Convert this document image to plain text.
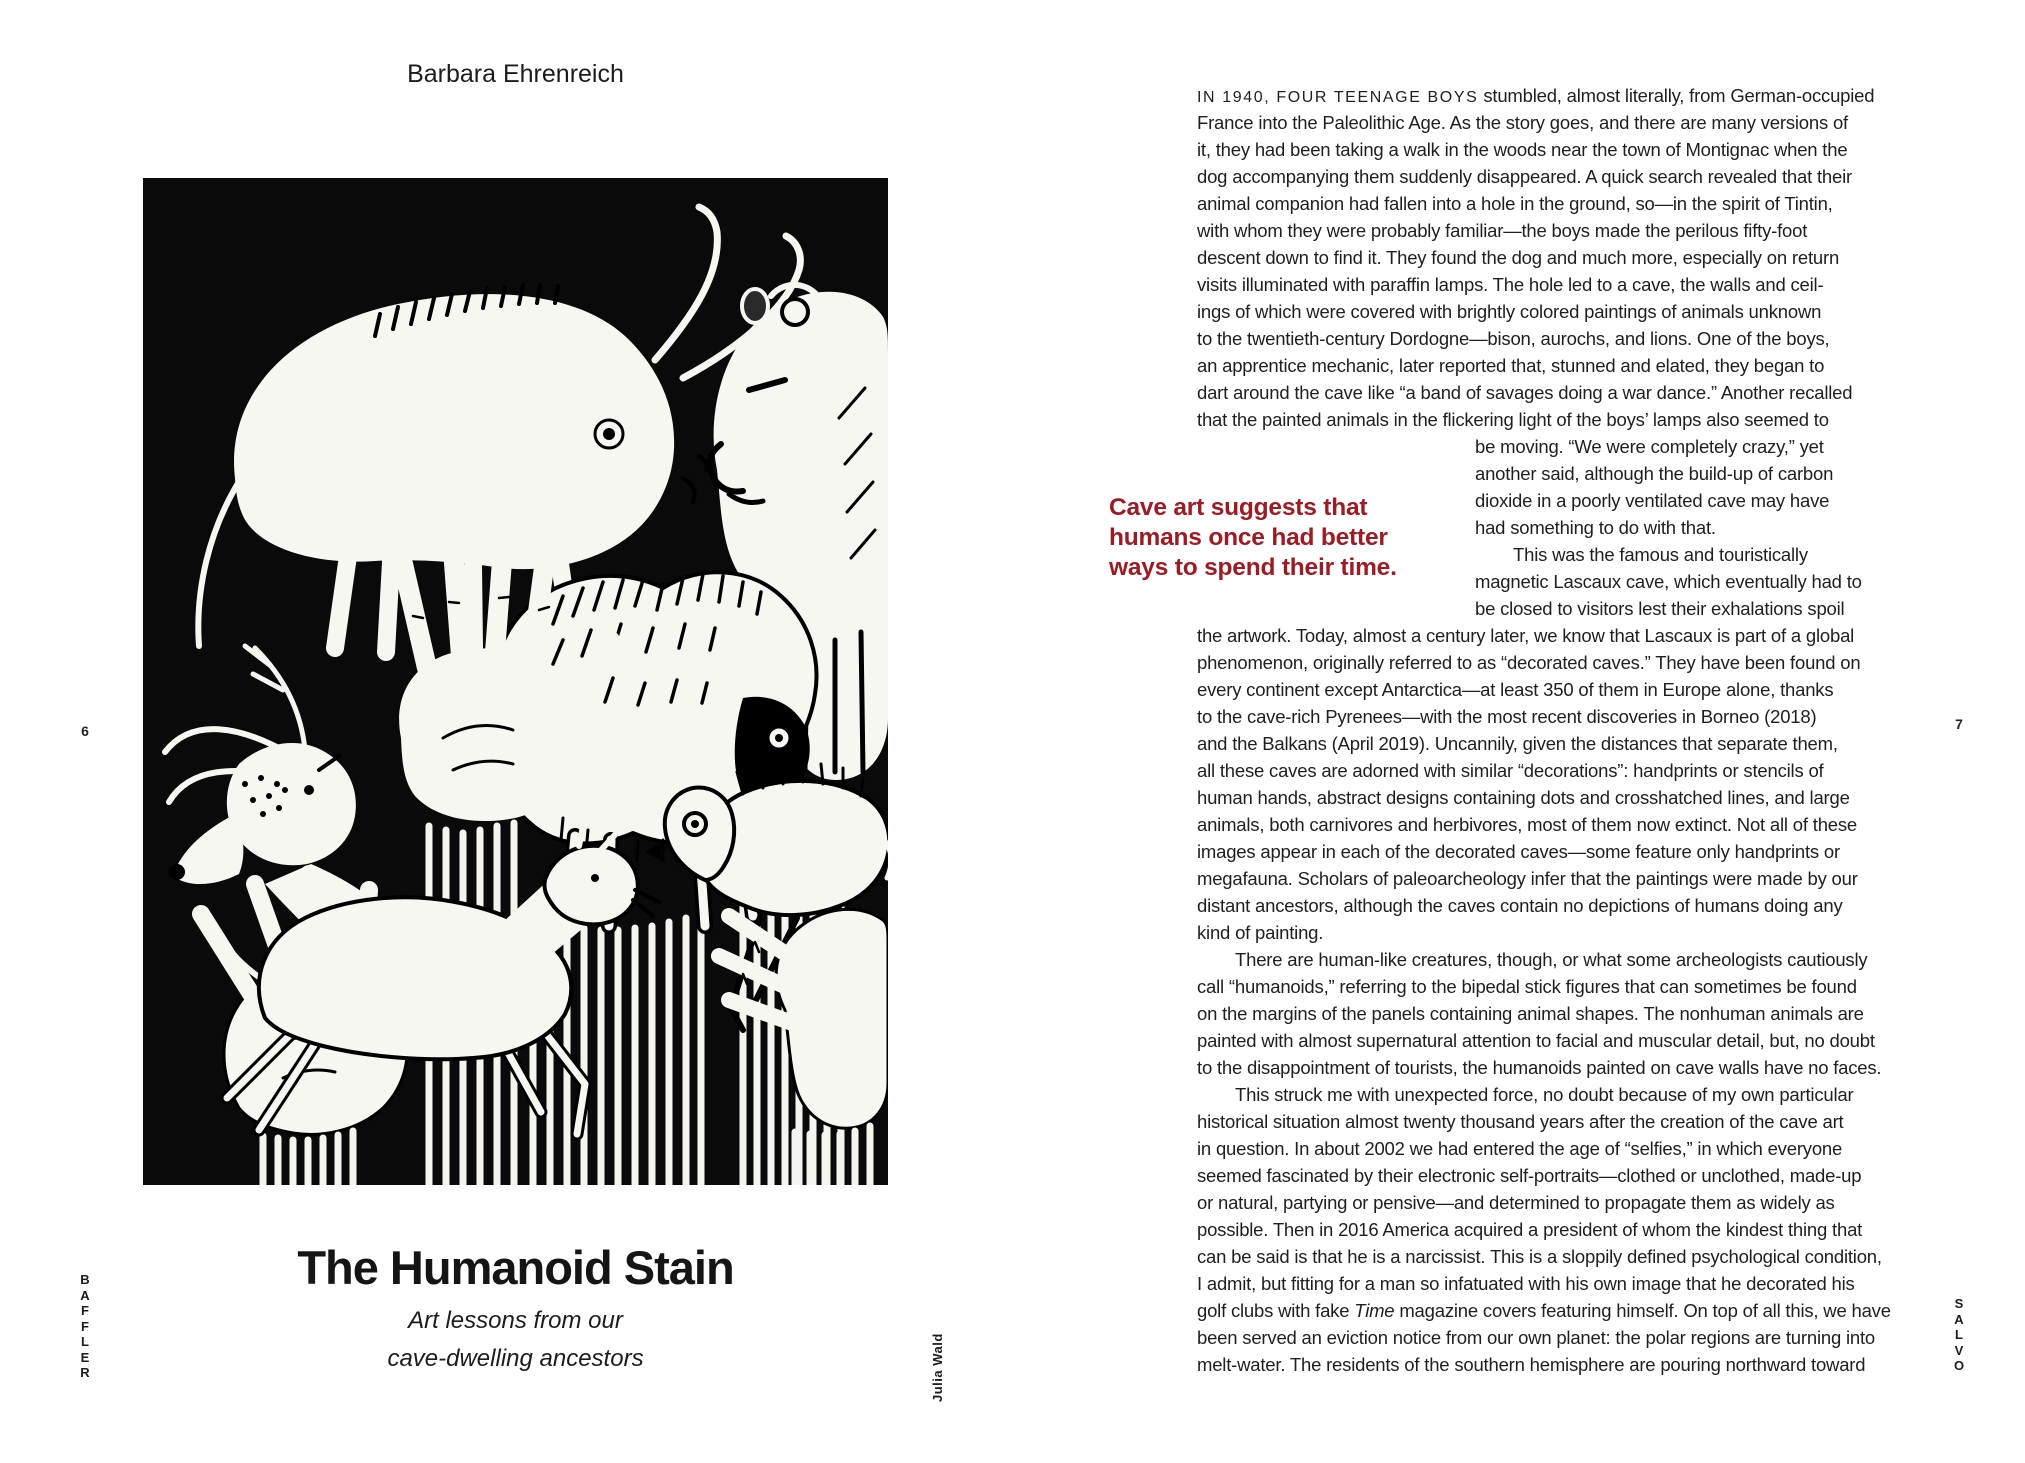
Barbara Ehrenreich
The Humanoid Stain
Art lessons from our
cave-dwelling ancestors
6
B
A
F
F
L
E
R	Julia Wald
Cave art suggests that
humans once had better
ways to spend their time.
IN 1940, FOUR TEENAGE BOYS stumbled, almost literally, from German-occupied
France into the Paleolithic Age. As the story goes, and there are many versions of
it, they had been taking a walk in the woods near the town of Montignac when the
dog accompanying them suddenly disappeared. A quick search revealed that their
animal companion had fallen into a hole in the ground, so—in the spirit of Tintin,
with whom they were probably familiar—the boys made the perilous fifty-foot
descent down to find it. They found the dog and much more, especially on return
visits illuminated with paraffin lamps. The hole led to a cave, the walls and ceil-
ings of which were covered with brightly colored paintings of animals unknown
to the twentieth-century Dordogne—bison, aurochs, and lions. One of the boys,
an apprentice mechanic, later reported that, stunned and elated, they began to
dart around the cave like “a band of savages doing a war dance.” Another recalled
that the painted animals in the flickering light of the boys’ lamps also seemed to
be moving. “We were completely crazy,” yet
another said, although the build-up of carbon
dioxide in a poorly ventilated cave may have
had something to do with that.
This was the famous and touristically
magnetic Lascaux cave, which eventually had to
be closed to visitors lest their exhalations spoil
the artwork. Today, almost a century later, we know that Lascaux is part of a global
phenomenon, originally referred to as “decorated caves.” They have been found on
every continent except Antarctica—at least 350 of them in Europe alone, thanks
to the cave-rich Pyrenees—with the most recent discoveries in Borneo (2018)
and the Balkans (April 2019). Uncannily, given the distances that separate them,
all these caves are adorned with similar “decorations”: handprints or stencils of
human hands, abstract designs containing dots and crosshatched lines, and large
animals, both carnivores and herbivores, most of them now extinct. Not all of these
images appear in each of the decorated caves—some feature only handprints or
megafauna. Scholars of paleoarcheology infer that the paintings were made by our
distant ancestors, although the caves contain no depictions of humans doing any
kind of painting.
There are human-like creatures, though, or what some archeologists cautiously
call “humanoids,” referring to the bipedal stick figures that can sometimes be found
on the margins of the panels containing animal shapes. The nonhuman animals are
painted with almost supernatural attention to facial and muscular detail, but, no doubt
to the disappointment of tourists, the humanoids painted on cave walls have no faces.
This struck me with unexpected force, no doubt because of my own particular
historical situation almost twenty thousand years after the creation of the cave art
in question. In about 2002 we had entered the age of “selfies,” in which everyone
seemed fascinated by their electronic self-portraits—clothed or unclothed, made-up
or natural, partying or pensive—and determined to propagate them as widely as
possible. Then in 2016 America acquired a president of whom the kindest thing that
can be said is that he is a narcissist. This is a sloppily defined psychological condition,
I admit, but fitting for a man so infatuated with his own image that he decorated his
golf clubs with fake Time magazine covers featuring himself. On top of all this, we have
been served an eviction notice from our own planet: the polar regions are turning into
melt-water. The residents of the southern hemisphere are pouring northward toward
7
S
A
L
V
O
